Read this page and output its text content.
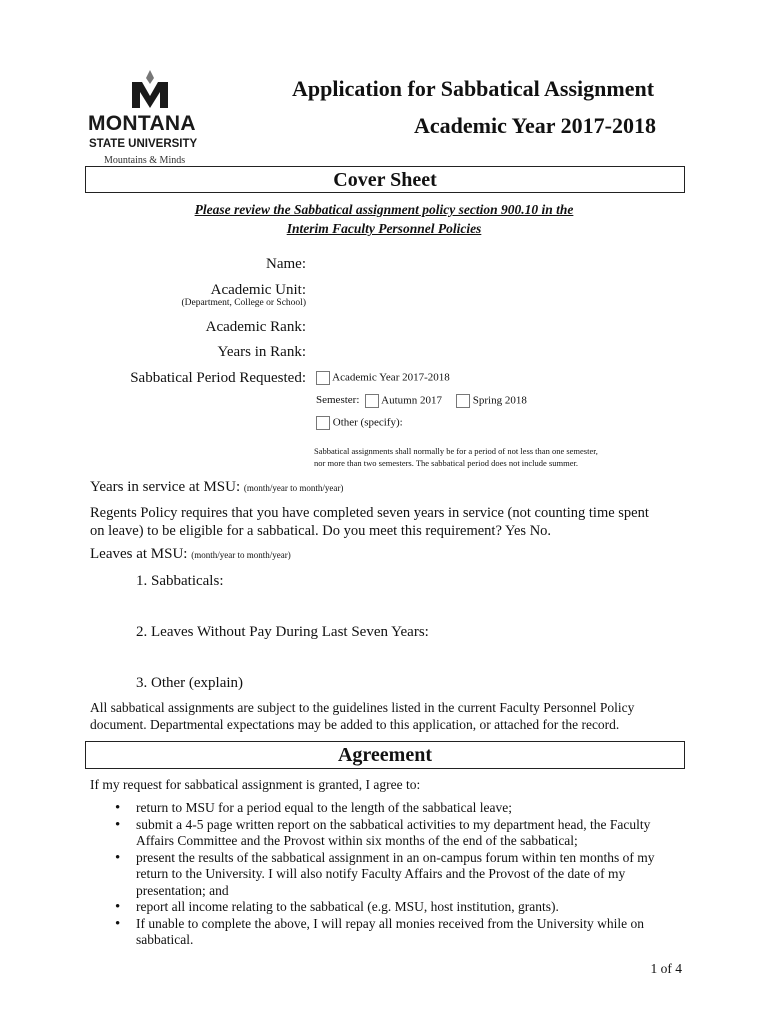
MONTANA
STATE UNIVERSITY
Mountains & Minds
Application for Sabbatical Assignment
Academic Year 2017-2018
Cover Sheet
Please review the Sabbatical assignment policy section 900.10 in the
Interim Faculty Personnel Policies
Name:
Academic Unit:
(Department, College or School)
Academic Rank:
Years in Rank:
Sabbatical Period Requested:	Academic Year 2017-2018
Semester:	Autumn 2017	Spring 2018
Other (specify):
Sabbatical assignments shall normally be for a period of not less than one semester,
nor more than two semesters. The sabbatical period does not include summer.
Years in service at MSU: (month/year to month/year)
Regents Policy requires that you have completed seven years in service (not counting time spent
on leave) to be eligible for a sabbatical. Do you meet this requirement? Yes No.
Leaves at MSU: (month/year to month/year)
1. Sabbaticals:
2. Leaves Without Pay During Last Seven Years:
3. Other (explain)
All sabbatical assignments are subject to the guidelines listed in the current Faculty Personnel Policy
document. Departmental expectations may be added to this application, or attached for the record.
Agreement
If my request for sabbatical assignment is granted, I agree to:
• return to MSU for a period equal to the length of the sabbatical leave;
• submit a 4-5 page written report on the sabbatical activities to my department head, the Faculty Affairs Committee and the Provost within six months of the end of the sabbatical;
• present the results of the sabbatical assignment in an on-campus forum within ten months of my return to the University. I will also notify Faculty Affairs and the Provost of the date of my presentation; and
• report all income relating to the sabbatical (e.g. MSU, host institution, grants).
• If unable to complete the above, I will repay all monies received from the University while on sabbatical.
1 of 4
